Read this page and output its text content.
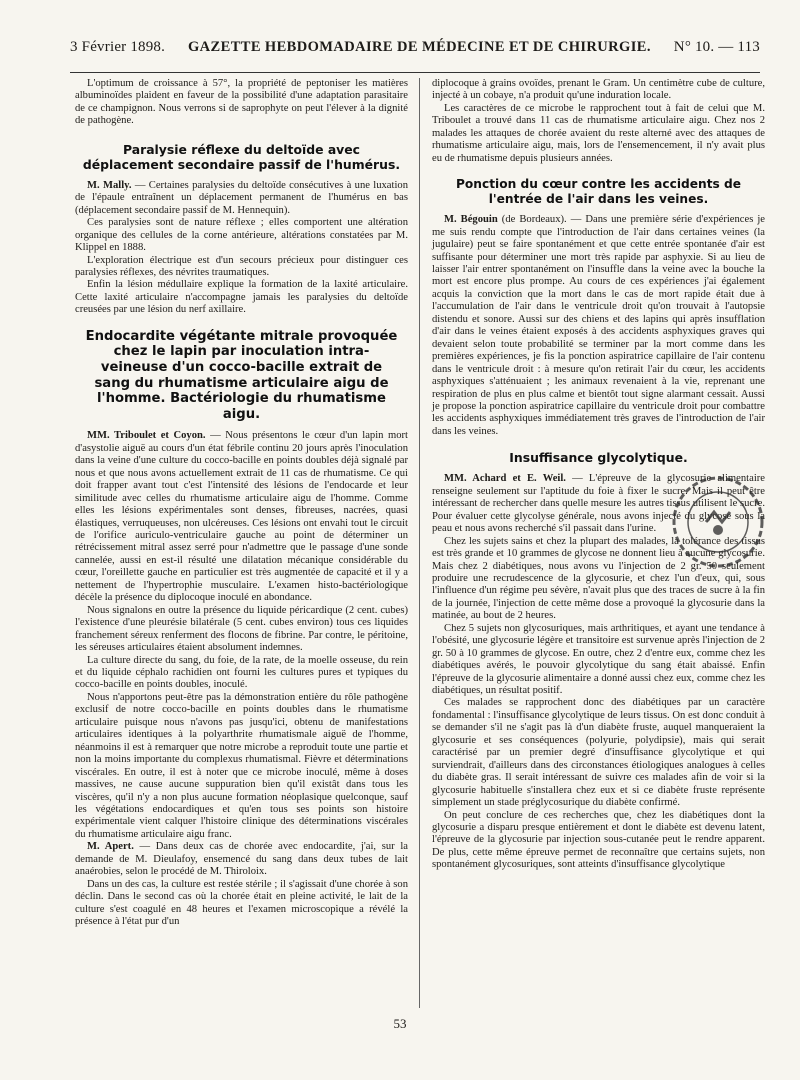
3 Février 1898. GAZETTE HEBDOMADAIRE DE MÉDECINE ET DE CHIRURGIE. N° 10. — 113

L'optimum de croissance à 57°, la propriété de peptoniser les matières albuminoïdes plaident en faveur de la possibilité d'une adaptation parasitaire de ce champignon. Nous verrons si de saprophyte on peut l'élever à la dignité de pathogène.

Paralysie réflexe du deltoïde avec déplacement secondaire passif de l'humérus.

M. Mally. — Certaines paralysies du deltoïde consécutives à une luxation de l'épaule entraînent un déplacement permanent de l'humérus en bas (déplacement secondaire passif de M. Hennequin).

Ces paralysies sont de nature réflexe ; elles comportent une altération organique des cellules de la corne antérieure, altérations constatées par M. Klippel en 1888.

L'exploration électrique est d'un secours précieux pour distinguer ces paralysies réflexes, des névrites traumatiques.

Enfin la lésion médullaire explique la formation de la laxité articulaire. Cette laxité articulaire n'accompagne jamais les paralysies du deltoïde creusées par une lésion du nerf axillaire.

Endocardite végétante mitrale provoquée chez le lapin par inoculation intra-veineuse d'un cocco-bacille extrait de sang du rhumatisme articulaire aigu de l'homme. Bactériologie du rhumatisme aigu.

MM. Triboulet et Coyon. — Nous présentons le cœur d'un lapin mort d'asystolie aiguë au cours d'un état fébrile continu 20 jours après l'inoculation dans la veine d'une culture du cocco-bacille en points doubles déjà signalé par nous et que nous avons actuellement extrait de 11 cas de rhumatisme. Ce qui doit frapper avant tout c'est l'intensité des lésions de l'endocarde et leur similitude avec celles du rhumatisme articulaire aigu de l'homme. Comme elles les lésions expérimentales sont denses, fibreuses, nacrées, quasi élastiques, verruqueuses, non ulcéreuses. Ces lésions ont envahi tout le circuit de l'orifice auriculo-ventriculaire gauche au point de déterminer un rétrécissement mitral assez serré pour n'admettre que le passage d'une sonde cannelée, aussi en est-il résulté une dilatation mécanique considérable du cœur, l'oreillette gauche en particulier est très augmentée de capacité et il y a nettement de l'hypertrophie musculaire. L'examen histo-bactériologique décèle la présence du diplocoque inoculé en abondance.

Nous signalons en outre la présence du liquide péricardique (2 cent. cubes) l'existence d'une pleurésie bilatérale (5 cent. cubes environ) tous ces liquides franchement séreux renferment des flocons de fibrine. Par contre, le péritoine, les séreuses articulaires étaient absolument indemnes.

La culture directe du sang, du foie, de la rate, de la moelle osseuse, du rein et du liquide céphalo rachidien ont fourni les cultures pures et typiques du cocco-bacille en points doubles, inoculé.

Nous n'apportons peut-être pas la démonstration entière du rôle pathogène exclusif de notre cocco-bacille en points doubles dans le rhumatisme articulaire puisque nous n'avons pas jusqu'ici, obtenu de manifestations articulaires identiques à la polyarthrite rhumatismale aiguë de l'homme, néanmoins il est à remarquer que notre microbe a reproduit toute une partie et non la moins importante du complexus rhumatismal. Fièvre et déterminations viscérales. En outre, il est à noter que ce microbe inoculé, même à doses massives, ne cause aucune suppuration bien qu'il existât dans tous les viscères, qu'il n'y a non plus aucune formation néoplasique quelconque, sauf les végétations endocardiques et qu'en tous ses points son histoire expérimentale vient calquer l'histoire clinique des déterminations viscérales du rhumatisme articulaire aigu franc.

M. Apert. — Dans deux cas de chorée avec endocardite, j'ai, sur la demande de M. Dieulafoy, ensemencé du sang dans deux tubes de lait anaérobies, selon le procédé de M. Thiroloix.

Dans un des cas, la culture est restée stérile ; il s'agissait d'une chorée à son déclin. Dans le second cas où la chorée était en pleine activité, le lait de la culture s'est coagulé en 48 heures et l'examen microscopique a révélé la présence à l'état pur d'un

diplocoque à grains ovoïdes, prenant le Gram. Un centimètre cube de culture, injecté à un cobaye, n'a produit qu'une induration locale.

Les caractères de ce microbe le rapprochent tout à fait de celui que M. Triboulet a trouvé dans 11 cas de rhumatisme articulaire aigu. Chez nos 2 malades les attaques de chorée avaient du reste alterné avec des attaques de rhumatisme articulaire aigu, mais, lors de l'ensemencement, il n'y avait plus eu de rhumatisme depuis plusieurs années.

Ponction du cœur contre les accidents de l'entrée de l'air dans les veines.

M. Bégouin (de Bordeaux). — Dans une première série d'expériences je me suis rendu compte que l'introduction de l'air dans certaines veines (la jugulaire) peut se faire spontanément et que cette entrée spontanée d'air est suffisante pour déterminer une mort très rapide par asphyxie. Si au lieu de laisser l'air entrer spontanément on l'insuffle dans la veine avec la bouche la mort est encore plus prompe. Au cours de ces expériences j'ai également acquis la conviction que la mort dans le cas de mort rapide était due à l'accumulation de l'air dans le ventricule droit qu'on trouvait à l'autopsie distendu et sonore. Aussi sur des chiens et des lapins qui après insufflation d'air dans le veines étaient exposés à des accidents asphyxiques graves qui devaient selon toute probabilité se terminer par la mort comme dans les premières expériences, je fis la ponction aspiratrice capillaire de l'air contenu dans le ventricule droit : à mesure qu'on retirait l'air du cœur, les accidents asphyxiques s'atténuaient ; les animaux revenaient à la vie, reprenant une respiration de plus en plus calme et bientôt tout signe alarmant cessait. Aussi je propose la ponction aspiratrice capillaire du ventricule droit pour combattre les accidents asphyxiques immédiatement très graves de l'introduction de l'air dans les veines.

Insuffisance glycolytique.

MM. Achard et E. Weil. — L'épreuve de la glycosurie alimentaire renseigne seulement sur l'aptitude du foie à fixer le sucre. Mais il peut être intéressant de rechercher dans quelle mesure les autres tissus utilisent le sucre. Pour évaluer cette glycolyse générale, nous avons injecté du glycose sous la peau et nous avons recherché s'il passait dans l'urine.

Chez les sujets sains et chez la plupart des malades, la tolérance des tissus est très grande et 10 grammes de glycose ne donnent lieu à aucune glycosurie. Mais chez 2 diabétiques, nous avons vu l'injection de 2 gr. 50 seulement produire une recrudescence de la glycosurie, et chez l'un d'eux, qui, sous l'influence d'un régime peu sévère, n'avait plus que des traces de sucre à la fin de la journée, l'injection de cette même dose a provoqué la glycosurie dans la matinée, au bout de 2 heures.

Chez 5 sujets non glycosuriques, mais arthritiques, et ayant une tendance à l'obésité, une glycosurie légère et transitoire est survenue après l'injection de 2 gr. 50 à 10 grammes de glycose. En outre, chez 2 d'entre eux, comme chez les diabétiques avérés, le pouvoir glycolytique du sang était abaissé. Enfin l'épreuve de la glycosurie alimentaire a donné aussi chez eux, comme chez les diabétiques, un résultat positif.

Ces malades se rapprochent donc des diabétiques par un caractère fondamental : l'insuffisance glycolytique de leurs tissus. On est donc conduit à se demander s'il ne s'agit pas là d'un diabète fruste, auquel manqueraient la glycosurie et ses conséquences (polyurie, polydipsie), mais qui serait caractérisé par un premier degré d'insuffisance glycolytique et qui surviendrait, d'ailleurs dans des circonstances étiologiques analogues à celles du diabète gras. Il serait intéressant de suivre ces malades afin de voir si la glycosurie habituelle s'installera chez eux et si ce diabète fruste représente simplement un stade préglycosurique du diabète confirmé.

On peut conclure de ces recherches que, chez les diabétiques dont la glycosurie a disparu presque entièrement et dont le diabète est devenu latent, l'épreuve de la glycosurie par injection sous-cutanée peut le rendre apparent. De plus, cette même épreuve permet de reconnaître que certains sujets, non spontanément glycosuriques, sont atteints d'insuffisance glycolytique

53
